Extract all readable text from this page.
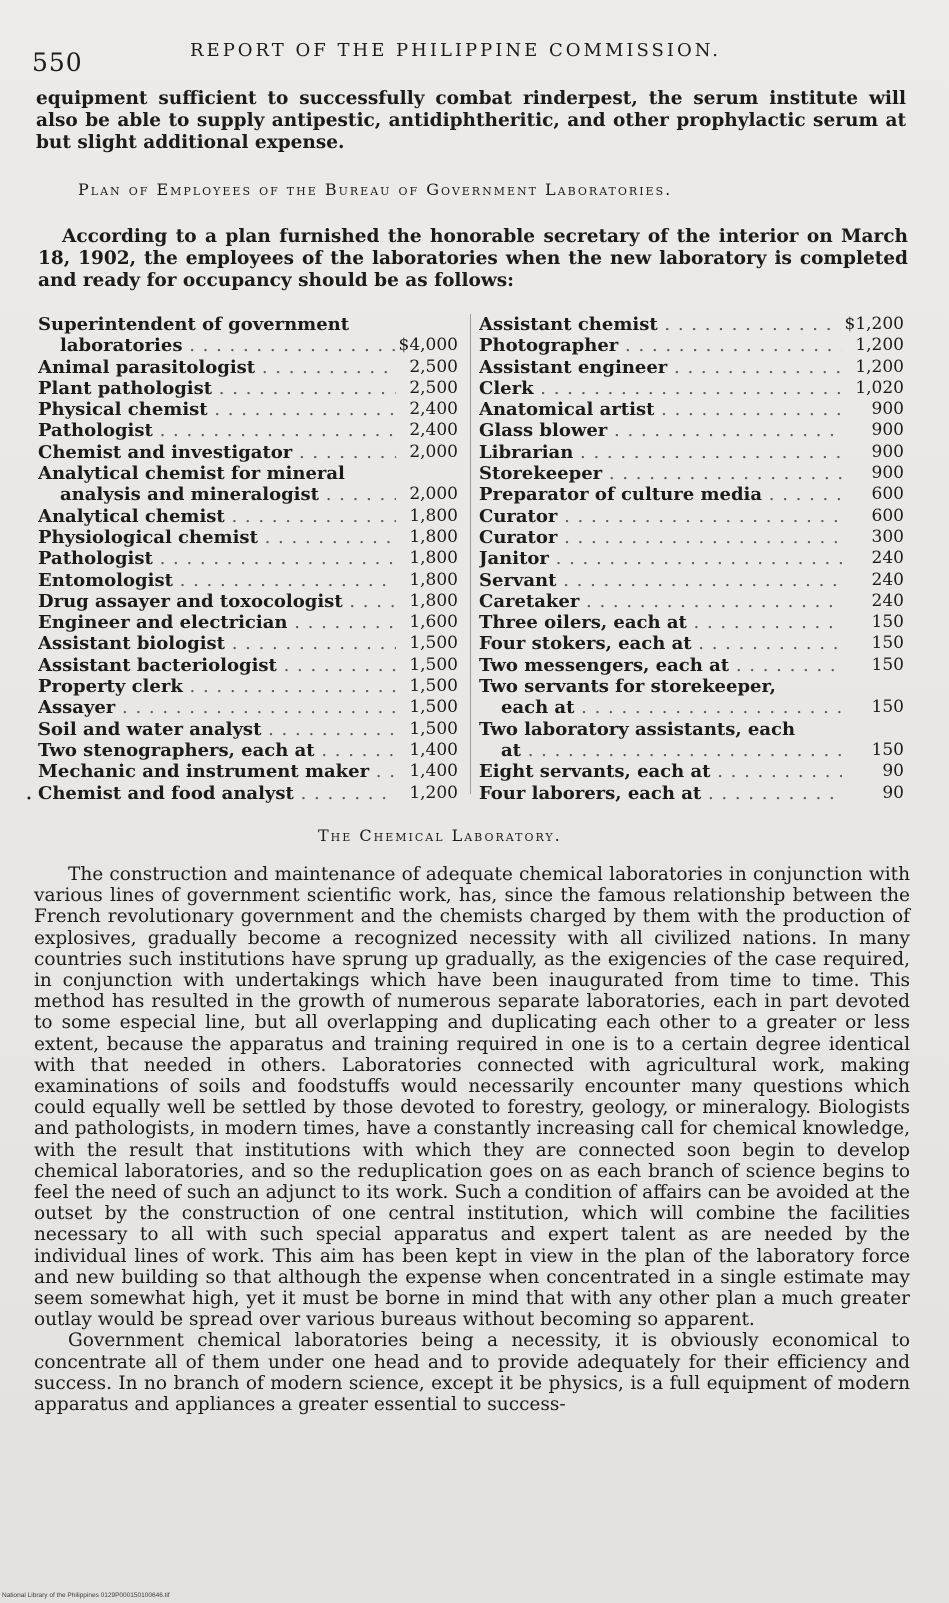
550	REPORT OF THE PHILIPPINE COMMISSION.
equipment sufficient to successfully combat rinderpest, the serum institute will also be able to supply antipestic, antidiphtheritic, and other prophylactic serum at but slight additional expense.
Plan of Employees of the Bureau of Government Laboratories.
According to a plan furnished the honorable secretary of the interior on March 18, 1902, the employees of the laboratories when the new laboratory is completed and ready for occupancy should be as follows:
Superintendent of government
laboratories . . .	$4,000
Animal parasitologist . . .	2,500
Plant pathologist . . .	2,500
Physical chemist . . .	2,400
Pathologist . . .	2,400
Chemist and investigator . . .	2,000
Analytical chemist for mineral
analysis and mineralogist . . .	2,000
Analytical chemist . . .	1,800
Physiological chemist . . .	1,800
Pathologist . . .	1,800
Entomologist . . .	1,800
Drug assayer and toxocologist . . .	1,800
Engineer and electrician . . .	1,600
Assistant biologist . . .	1,500
Assistant bacteriologist . . .	1,500
Property clerk . . .	1,500
Assayer . . .	1,500
Soil and water analyst . . .	1,500
Two stenographers, each at . . .	1,400
Mechanic and instrument maker . . .	1,400
Chemist and food analyst . . .	1,200
Assistant chemist . . .	$1,200
Photographer . . .	1,200
Assistant engineer . . .	1,200
Clerk . . .	1,020
Anatomical artist . . .	900
Glass blower . . .	900
Librarian . . .	900
Storekeeper . . .	900
Preparator of culture media . . .	600
Curator . . .	600
Curator . . .	300
Janitor . . .	240
Servant . . .	240
Caretaker . . .	240
Three oilers, each at . . .	150
Four stokers, each at . . .	150
Two messengers, each at . . .	150
Two servants for storekeeper,
each at . . .	150
Two laboratory assistants, each
at . . .	150
Eight servants, each at . . .	90
Four laborers, each at . . .	90
•
The Chemical Laboratory.

The construction and maintenance of adequate chemical laboratories in conjunction with various lines of government scientific work, has, since the famous relationship between the French revolutionary government and the chemists charged by them with the production of explosives, gradually become a recognized necessity with all civilized nations. In many countries such institutions have sprung up gradually, as the exigencies of the case required, in conjunction with undertakings which have been inaugurated from time to time. This method has resulted in the growth of numerous separate laboratories, each in part devoted to some especial line, but all overlapping and duplicating each other to a greater or less extent, because the apparatus and training required in one is to a certain degree identical with that needed in others. Laboratories connected with agricultural work, making examinations of soils and foodstuffs would necessarily encounter many questions which could equally well be settled by those devoted to forestry, geology, or mineralogy. Biologists and pathologists, in modern times, have a constantly increasing call for chemical knowledge, with the result that institutions with which they are connected soon begin to develop chemical laboratories, and so the reduplication goes on as each branch of science begins to feel the need of such an adjunct to its work. Such a condition of affairs can be avoided at the outset by the construction of one central institution, which will combine the facilities necessary to all with such special apparatus and expert talent as are needed by the individual lines of work. This aim has been kept in view in the plan of the laboratory force and new building so that although the expense when concentrated in a single estimate may seem somewhat high, yet it must be borne in mind that with any other plan a much greater outlay would be spread over various bureaus without becoming so apparent.

Government chemical laboratories being a necessity, it is obviously economical to concentrate all of them under one head and to provide adequately for their efficiency and success. In no branch of modern science, except it be physics, is a full equipment of modern apparatus and appliances a greater essential to success-

National Library of the Philippines 0129P000150100646.tif
